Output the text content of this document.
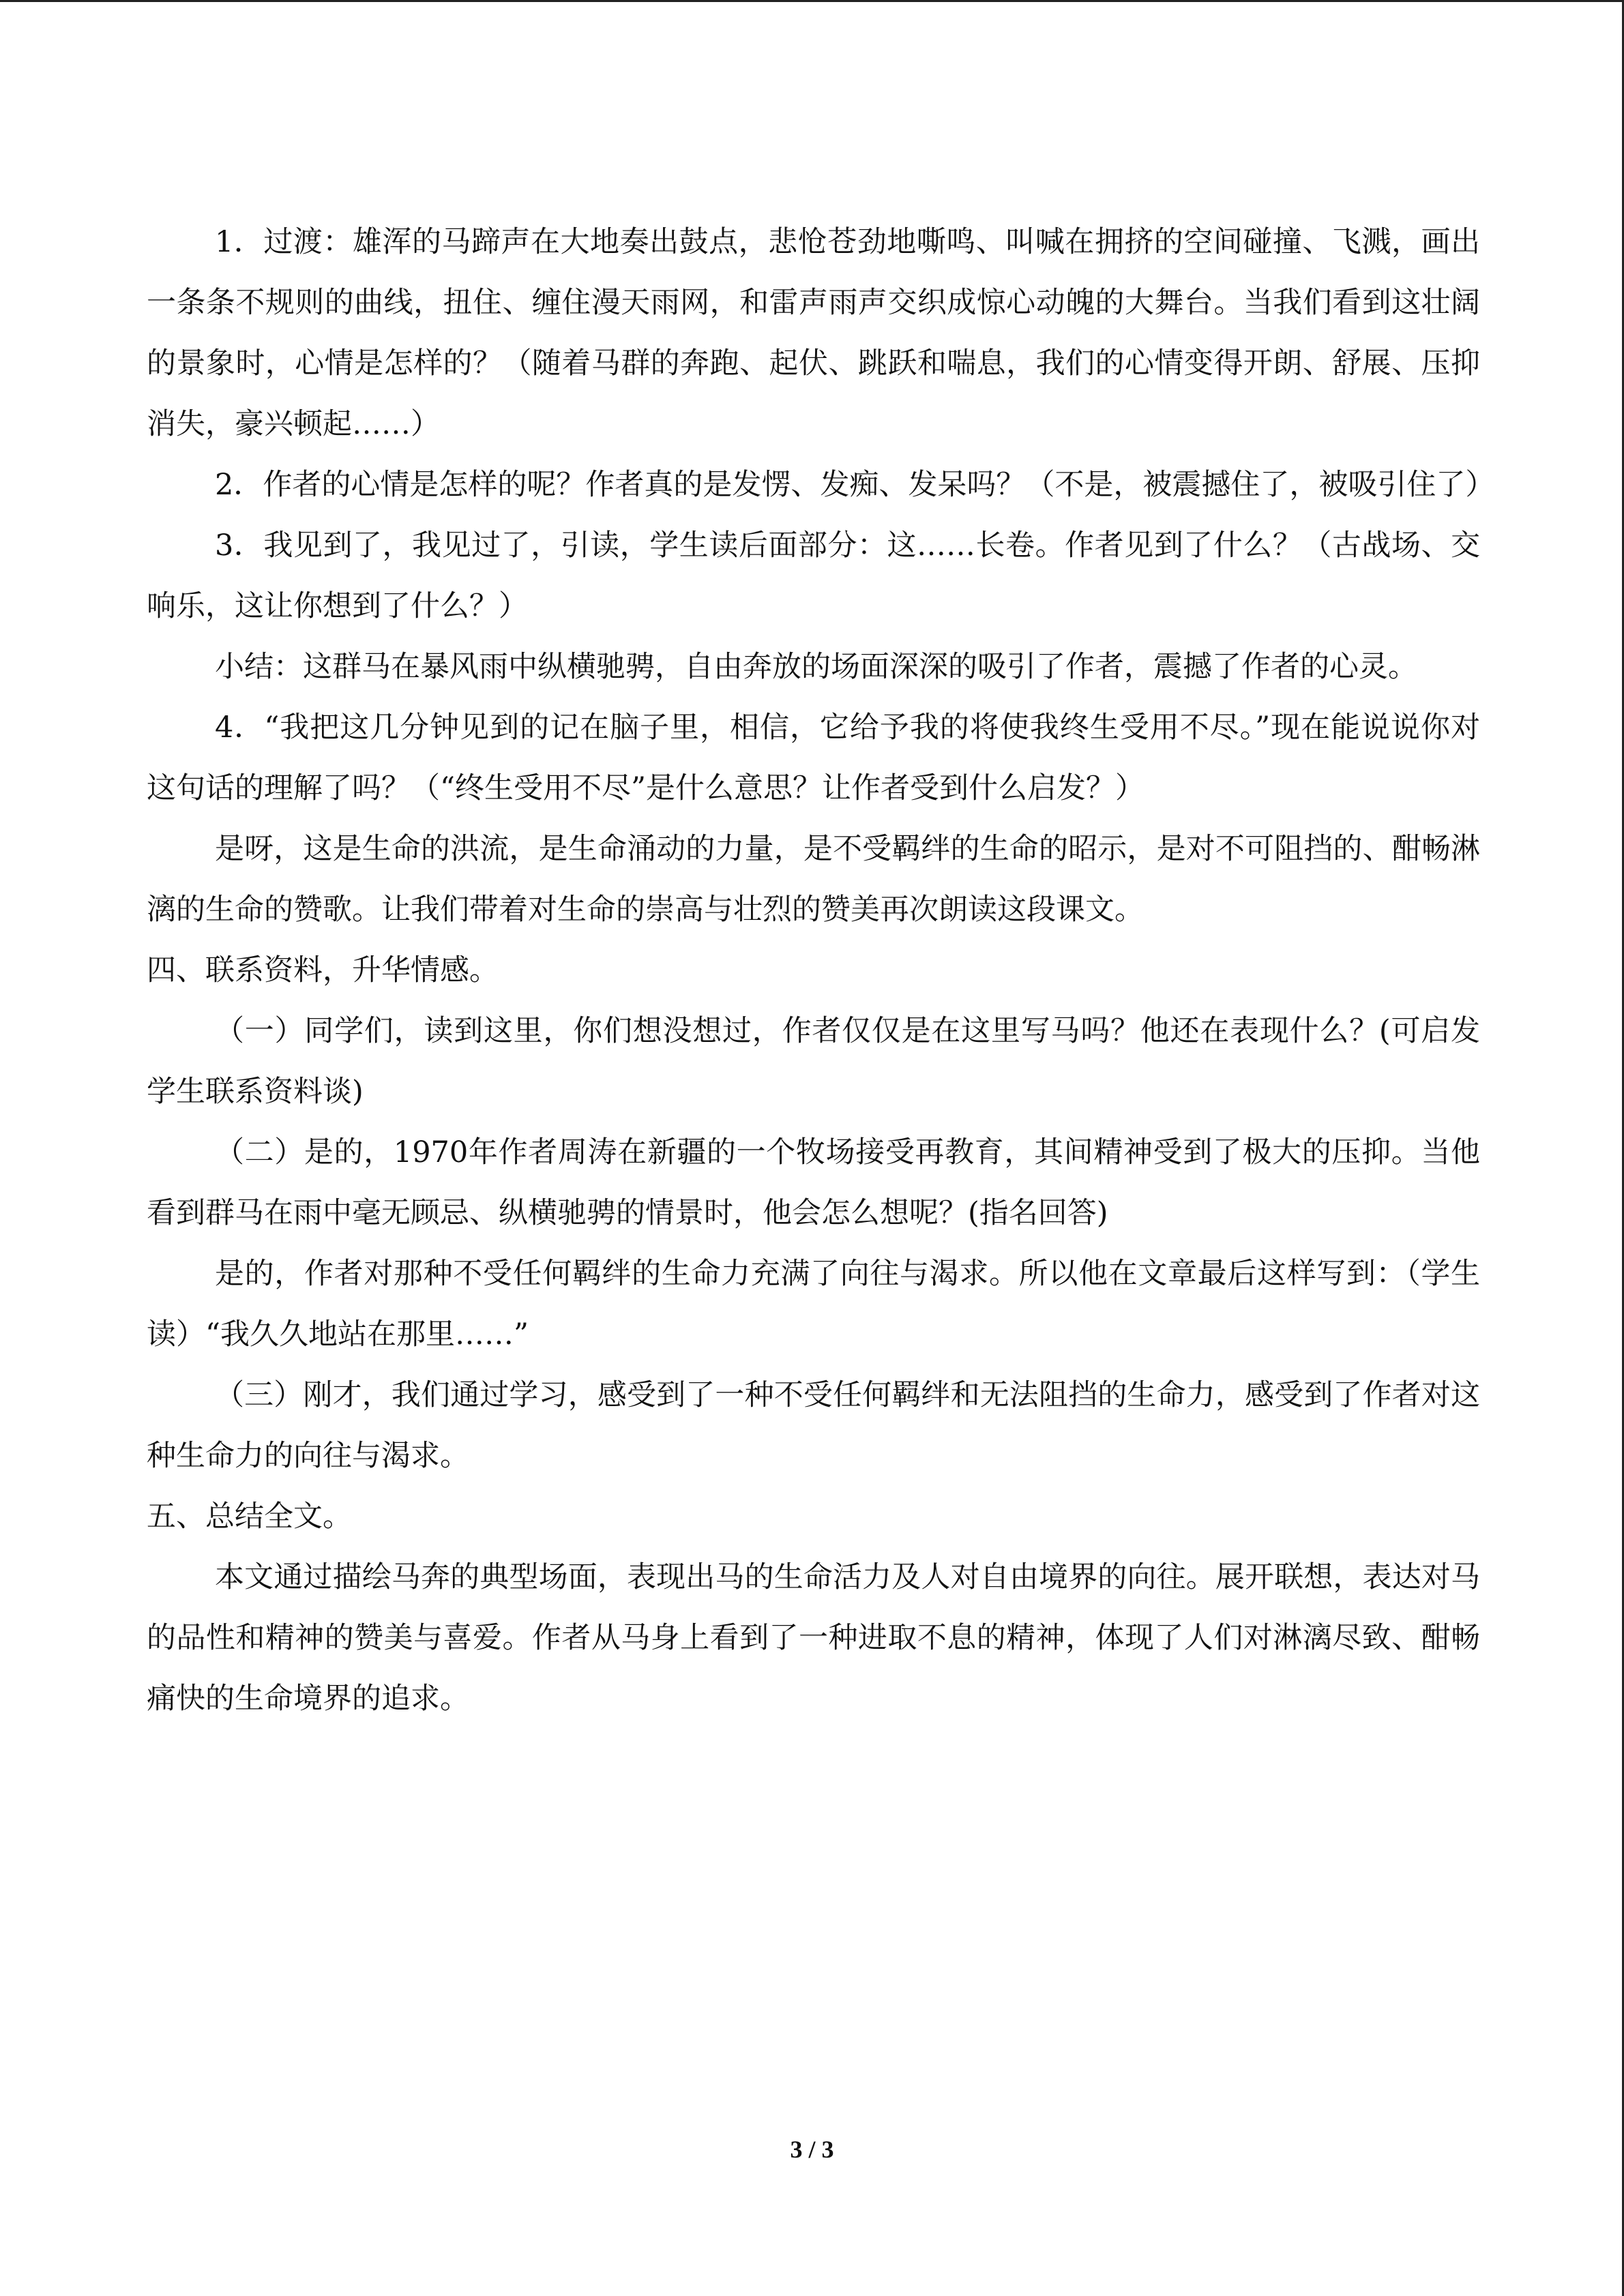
1．过渡：雄浑的马蹄声在大地奏出鼓点，悲怆苍劲地嘶鸣、叫喊在拥挤的空间碰撞、飞溅，画出一条条不规则的曲线，扭住、缠住漫天雨网，和雷声雨声交织成惊心动魄的大舞台。当我们看到这壮阔的景象时，心情是怎样的？（随着马群的奔跑、起伏、跳跃和喘息，我们的心情变得开朗、舒展、压抑消失，豪兴顿起……）

2．作者的心情是怎样的呢？作者真的是发愣、发痴、发呆吗？（不是，被震撼住了，被吸引住了）

3．我见到了，我见过了，引读，学生读后面部分：这……长卷。作者见到了什么？（古战场、交响乐，这让你想到了什么？）

小结：这群马在暴风雨中纵横驰骋，自由奔放的场面深深的吸引了作者，震撼了作者的心灵。

4．“我把这几分钟见到的记在脑子里，相信，它给予我的将使我终生受用不尽。”现在能说说你对这句话的理解了吗？（“终生受用不尽”是什么意思？让作者受到什么启发？）

是呀，这是生命的洪流，是生命涌动的力量，是不受羁绊的生命的昭示，是对不可阻挡的、酣畅淋漓的生命的赞歌。让我们带着对生命的崇高与壮烈的赞美再次朗读这段课文。

四、联系资料，升华情感。

（一）同学们，读到这里，你们想没想过，作者仅仅是在这里写马吗？他还在表现什么？(可启发学生联系资料谈)

（二）是的，1970年作者周涛在新疆的一个牧场接受再教育，其间精神受到了极大的压抑。当他看到群马在雨中毫无顾忌、纵横驰骋的情景时，他会怎么想呢？(指名回答)

是的，作者对那种不受任何羁绊的生命力充满了向往与渴求。所以他在文章最后这样写到：（学生读）“我久久地站在那里……”

（三）刚才，我们通过学习，感受到了一种不受任何羁绊和无法阻挡的生命力，感受到了作者对这种生命力的向往与渴求。

五、总结全文。

本文通过描绘马奔的典型场面，表现出马的生命活力及人对自由境界的向往。展开联想，表达对马的品性和精神的赞美与喜爱。作者从马身上看到了一种进取不息的精神，体现了人们对淋漓尽致、酣畅痛快的生命境界的追求。

3 / 3
